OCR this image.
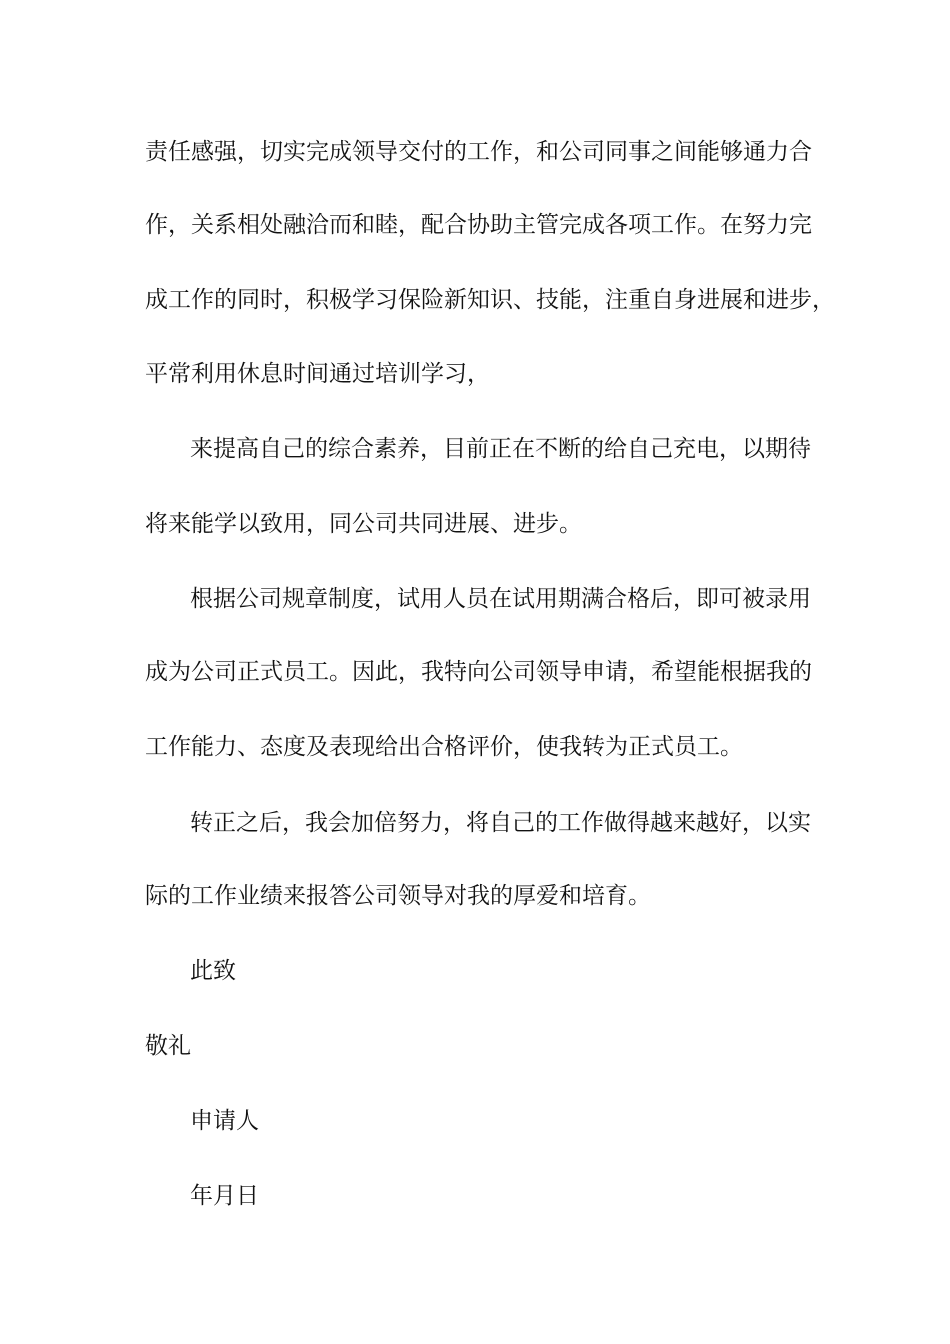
责任感强，切实完成领导交付的工作，和公司同事之间能够通力合
作，关系相处融洽而和睦，配合协助主管完成各项工作。在努力完
成工作的同时，积极学习保险新知识、技能，注重自身进展和进步，
平常利用休息时间通过培训学习，
来提高自己的综合素养，目前正在不断的给自己充电，以期待
将来能学以致用，同公司共同进展、进步。
根据公司规章制度，试用人员在试用期满合格后，即可被录用
成为公司正式员工。因此，我特向公司领导申请，希望能根据我的
工作能力、态度及表现给出合格评价，使我转为正式员工。
转正之后，我会加倍努力，将自己的工作做得越来越好，以实
际的工作业绩来报答公司领导对我的厚爱和培育。
此致
敬礼
申请人
年月日
